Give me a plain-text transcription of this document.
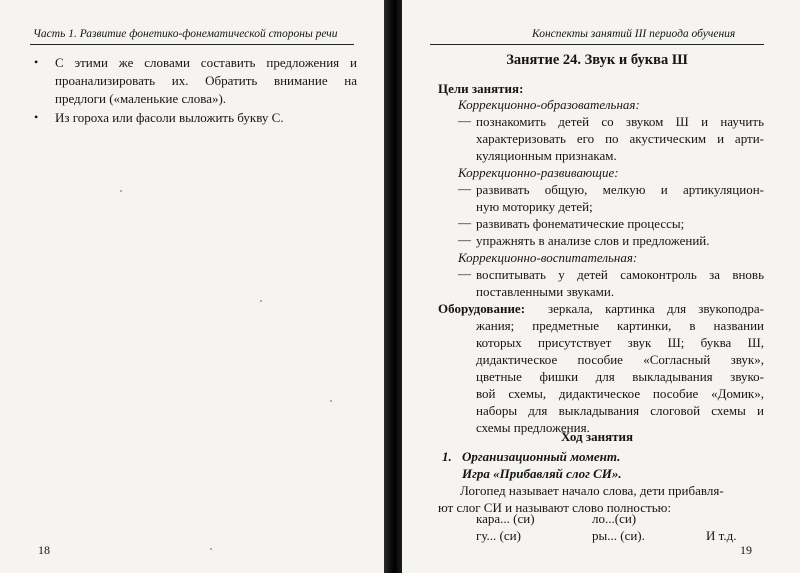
Часть 1. Развитие фонетико-фонематической стороны речи
• С этими же словами составить предложения и
проанализировать их. Обратить внимание на
предлоги («маленькие слова»).
• Из гороха или фасоли выложить букву С.
18
Конспекты занятий III периода обучения
Занятие 24. Звук и буква Ш
Цели занятия:
Коррекционно-образовательная:
— познакомить детей со звуком Ш и научить
характеризовать его по акустическим и арти-
куляционным признакам.
Коррекционно-развивающие:
— развивать общую, мелкую и артикуляцион-
ную моторику детей;
— развивать фонематические процессы;
— упражнять в анализе слов и предложений.
Коррекционно-воспитательная:
— воспитывать у детей самоконтроль за вновь
поставленными звуками.
Оборудование:	зеркала, картинка для звукоподра-
жания; предметные картинки, в названии
которых присутствует звук Ш; буква Ш,
дидактическое пособие «Согласный звук»,
цветные фишки для выкладывания звуко-
вой схемы, дидактическое пособие «Домик»,
наборы для выкладывания слоговой схемы и
схемы предложения.
Ход занятия
1. Организационный момент.
Игра «Прибавляй слог СИ».
Логопед называет начало слова, дети прибавля-
ют слог СИ и называют слово полностью:
кара... (си)	ло...(си)
гу... (си)	ры... (си).	И т.д.
19
